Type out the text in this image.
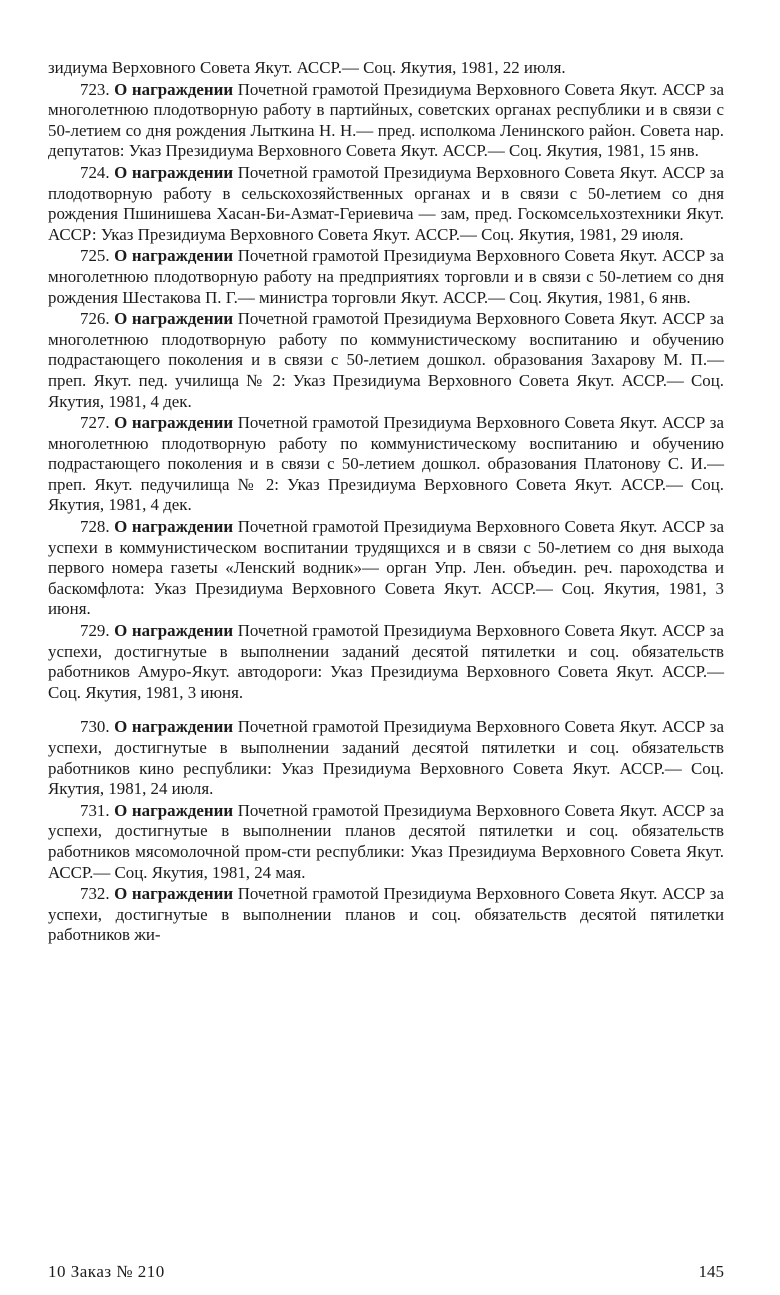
зидиума Верховного Совета Якут. АССР.— Соц. Якутия, 1981, 22 июля.

723. О награждении Почетной грамотой Президиума Верховного Совета Якут. АССР за многолетнюю плодотворную работу в партийных, советских органах республики и в связи с 50-летием со дня рождения Лыткина Н. Н.— пред. исполкома Ленинского район. Совета нар. депутатов: Указ Президиума Верховного Совета Якут. АССР.— Соц. Якутия, 1981, 15 янв.

724. О награждении Почетной грамотой Президиума Верховного Совета Якут. АССР за плодотворную работу в сельскохозяйственных органах и в связи с 50-летием со дня рождения Пшинишева Хасан-Би-Азмат-Гериевича — зам, пред. Госкомсельхозтехники Якут. АССР: Указ Президиума Верховного Совета Якут. АССР.— Соц. Якутия, 1981, 29 июля.

725. О награждении Почетной грамотой Президиума Верховного Совета Якут. АССР за многолетнюю плодотворную работу на предприятиях торговли и в связи с 50-летием со дня рождения Шестакова П. Г.— министра торговли Якут. АССР.— Соц. Якутия, 1981, 6 янв.

726. О награждении Почетной грамотой Президиума Верховного Совета Якут. АССР за многолетнюю плодотворную работу по коммунистическому воспитанию и обучению подрастающего поколения и в связи с 50-летием дошкол. образования Захарову М. П.— преп. Якут. пед. училища № 2: Указ Президиума Верховного Совета Якут. АССР.— Соц. Якутия, 1981, 4 дек.

727. О награждении Почетной грамотой Президиума Верховного Совета Якут. АССР за многолетнюю плодотворную работу по коммунистическому воспитанию и обучению подрастающего поколения и в связи с 50-летием дошкол. образования Платонову С. И.— преп. Якут. педучилища № 2: Указ Президиума Верховного Совета Якут. АССР.— Соц. Якутия, 1981, 4 дек.

728. О награждении Почетной грамотой Президиума Верховного Совета Якут. АССР за успехи в коммунистическом воспитании трудящихся и в связи с 50-летием со дня выхода первого номера газеты «Ленский водник»— орган Упр. Лен. объедин. реч. пароходства и баскомфлота: Указ Президиума Верховного Совета Якут. АССР.— Соц. Якутия, 1981, 3 июня.

729. О награждении Почетной грамотой Президиума Верховного Совета Якут. АССР за успехи, достигнутые в выполнении заданий десятой пятилетки и соц. обязательств работников Амуро-Якут. автодороги: Указ Президиума Верховного Совета Якут. АССР.— Соц. Якутия, 1981, 3 июня.

730. О награждении Почетной грамотой Президиума Верховного Совета Якут. АССР за успехи, достигнутые в выполнении заданий десятой пятилетки и соц. обязательств работников кино республики: Указ Президиума Верховного Совета Якут. АССР.— Соц. Якутия, 1981, 24 июля.

731. О награждении Почетной грамотой Президиума Верховного Совета Якут. АССР за успехи, достигнутые в выполнении планов десятой пятилетки и соц. обязательств работников мясомолочной пром-сти республики: Указ Президиума Верховного Совета Якут. АССР.— Соц. Якутия, 1981, 24 мая.

732. О награждении Почетной грамотой Президиума Верховного Совета Якут. АССР за успехи, достигнутые в выполнении планов и соц. обязательств десятой пятилетки работников жи-

10 Заказ № 210	145
